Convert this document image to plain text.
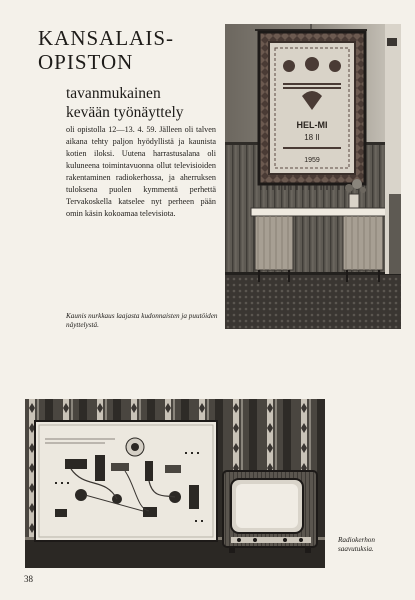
KANSALAIS-
OPISTON
tavanmukainen
kevään työnäyttely

oli opistolla 12—13. 4. 59. Jälleen oli talven aikana tehty paljon hyödyllistä ja kaunista kotien iloksi. Uutena harrastusalana oli kuluneena toimintavuonna ollut televisioiden rakentaminen radiokerhossa, ja aherruksen tuloksena puolen kymmentä perhettä Tervakoskella katselee nyt perheen pään omin käsin kokoamaa televisiota.

HEL-MI
18 II
1959

Kaunis nurkkaus laajasta kudonnaisten ja puutöiden näyttelystä.

Radiokerhon saavutuksia.

38
